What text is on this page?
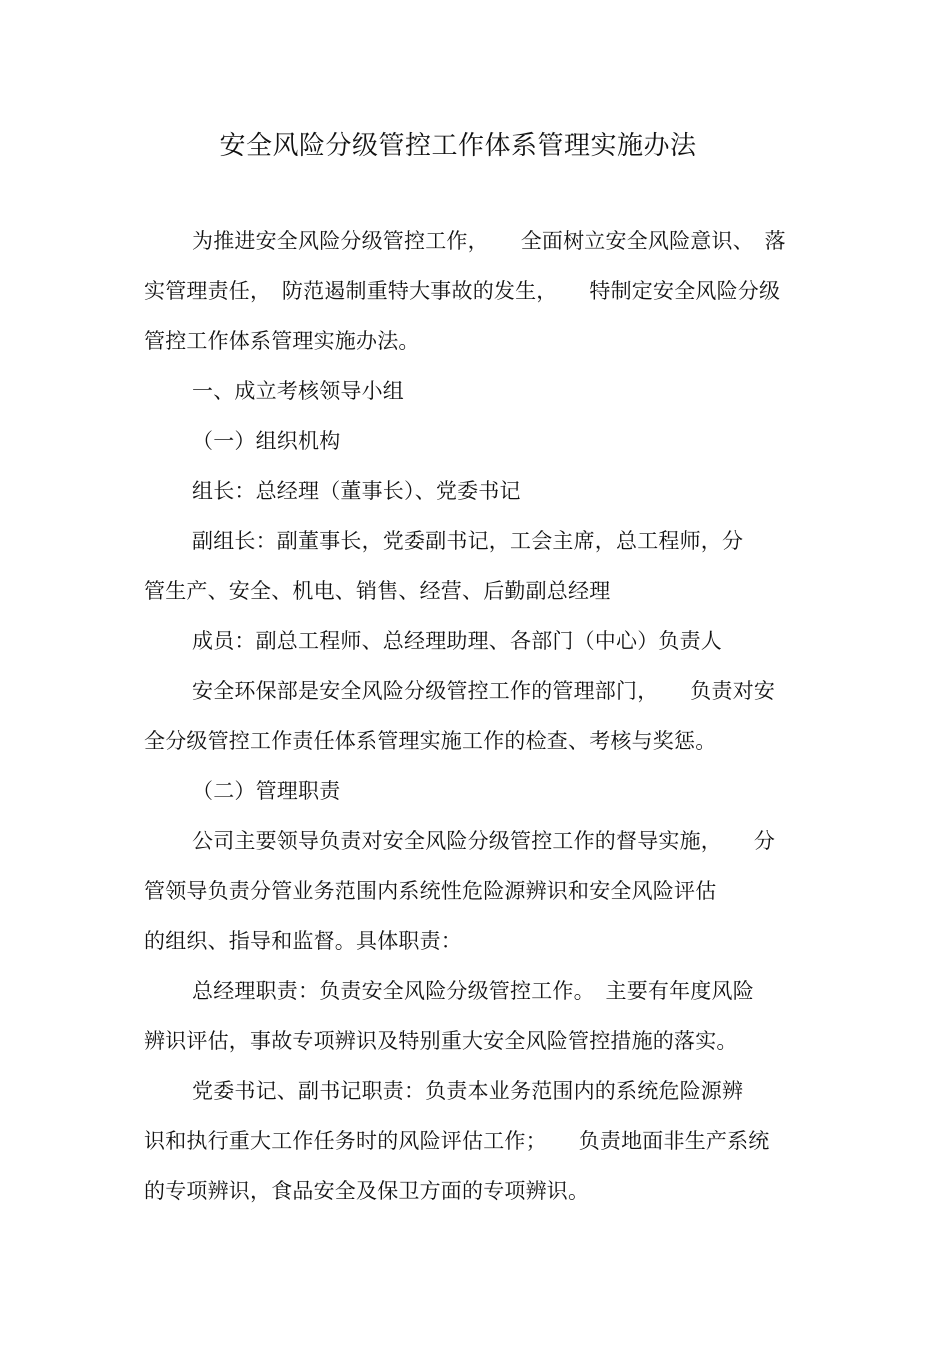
安全风险分级管控工作体系管理实施办法
为推进安全风险分级管控工作，　　全面树立安全风险意识、　落
实管理责任，　防范遏制重特大事故的发生，　　特制定安全风险分级
管控工作体系管理实施办法。
一、成立考核领导小组
（一）组织机构
组长：总经理（董事长）、党委书记
副组长：副董事长，党委副书记，工会主席，总工程师，分
管生产、安全、机电、销售、经营、后勤副总经理
成员：副总工程师、总经理助理、各部门（中心）负责人
安全环保部是安全风险分级管控工作的管理部门，　　负责对安
全分级管控工作责任体系管理实施工作的检查、考核与奖惩。
（二）管理职责
公司主要领导负责对安全风险分级管控工作的督导实施，　　分
管领导负责分管业务范围内系统性危险源辨识和安全风险评估
的组织、指导和监督。具体职责：
总经理职责：负责安全风险分级管控工作。　主要有年度风险
辨识评估，事故专项辨识及特别重大安全风险管控措施的落实。
党委书记、副书记职责：负责本业务范围内的系统危险源辨
识和执行重大工作任务时的风险评估工作；　　负责地面非生产系统
的专项辨识，食品安全及保卫方面的专项辨识。
